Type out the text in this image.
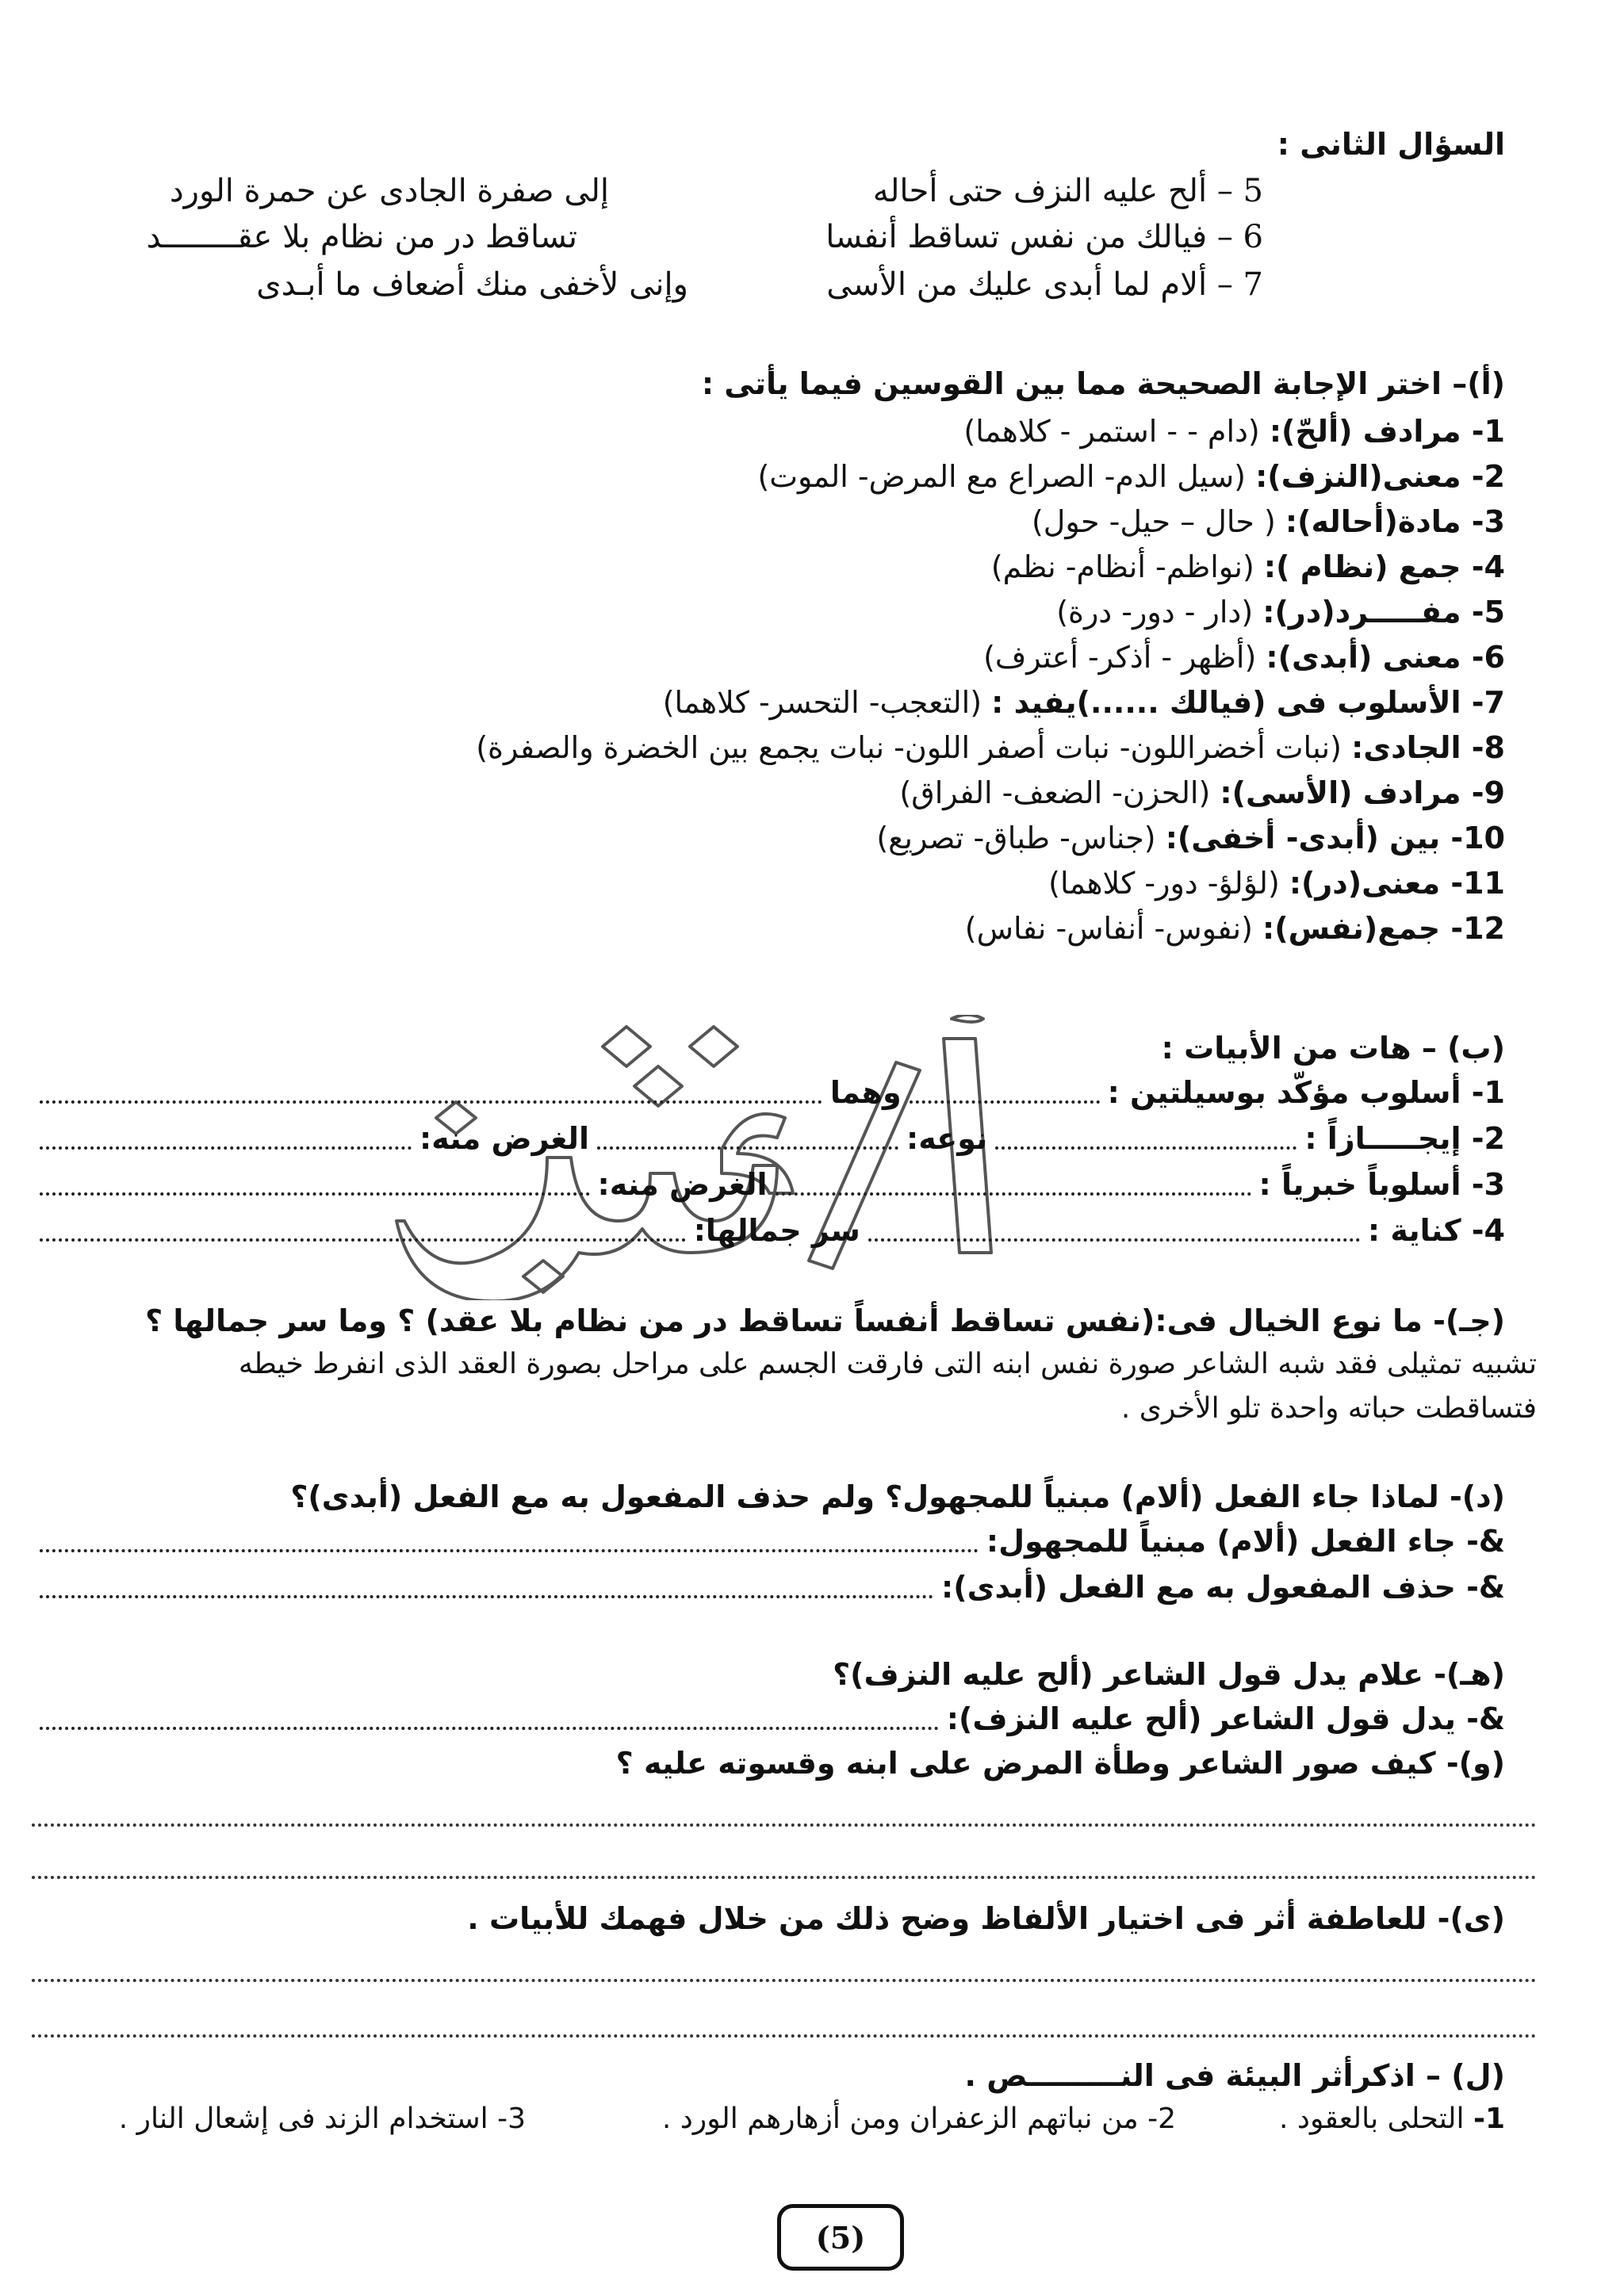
السؤال الثانى :
5 – ألح عليه النزف حتى أحاله
إلى صفرة الجادى عن حمرة الورد
6 – فيالك من نفس تساقط أنفسا
تساقط در من نظام بلا عقــــــــد
7 – ألام لما أبدى عليك من الأسى
وإنى لأخفى منك أضعاف ما أبـدى
(أ)– اختر الإجابة الصحيحة مما بين القوسين فيما يأتى :
1- مرادف (ألحّ): (دام - - استمر - كلاهما)
2- معنى(النزف): (سيل الدم- الصراع مع المرض- الموت)
3- مادة(أحاله): ( حال – حيل- حول)
4- جمع (نظام ): (نواظم- أنظام- نظم)
5- مفـــــرد(در): (دار - دور- درة)
6- معنى (أبدى): (أظهر - أذكر- أعترف)
7- الأسلوب فى (فيالك ......)يفيد : (التعجب- التحسر- كلاهما)
8- الجادى: (نبات أخضراللون- نبات أصفر اللون- نبات يجمع بين الخضرة والصفرة)
9- مرادف (الأسى): (الحزن- الضعف- الفراق)
10- بين (أبدى- أخفى): (جناس- طباق- تصريع)
11- معنى(در): (لؤلؤ- دور- كلاهما)
12- جمع(نفس): (نفوس- أنفاس- نفاس)
(ب) – هات من الأبيات :
1- أسلوب مؤكّد بوسيلتين :
وهما
2- إيجـــــازاً :
نوعه:
الغرض منه:
3- أسلوباً خبرياً :
الغرض منه:
4- كناية :
سر جمالها:
(جـ)- ما نوع الخيال فى:(نفس تساقط أنفساً تساقط در من نظام بلا عقد) ؟ وما سر جمالها ؟
تشبيه تمثيلى فقد شبه الشاعر صورة نفس ابنه التى فارقت الجسم على مراحل بصورة العقد الذى انفرط خيطه
فتساقطت حباته واحدة تلو الأخرى .
(د)- لماذا جاء الفعل (ألام) مبنياً للمجهول؟ ولم حذف المفعول به مع الفعل (أبدى)؟
&- جاء الفعل (ألام) مبنياً للمجهول:
&- حذف المفعول به مع الفعل (أبدى):
(هـ)- علام يدل قول الشاعر (ألح عليه النزف)؟
&- يدل قول الشاعر (ألح عليه النزف):
(و)- كيف صور الشاعر وطأة المرض على ابنه وقسوته عليه ؟
(ى)- للعاطفة أثر فى اختيار الألفاظ وضح ذلك من خلال فهمك للأبيات .
(ل) – اذكرأثر البيئة فى النـــــــــص .
1- التحلى بالعقود .
2- من نباتهم الزعفران ومن أزهارهم الورد .
3- استخدام الزند فى إشعال النار .
(5)
